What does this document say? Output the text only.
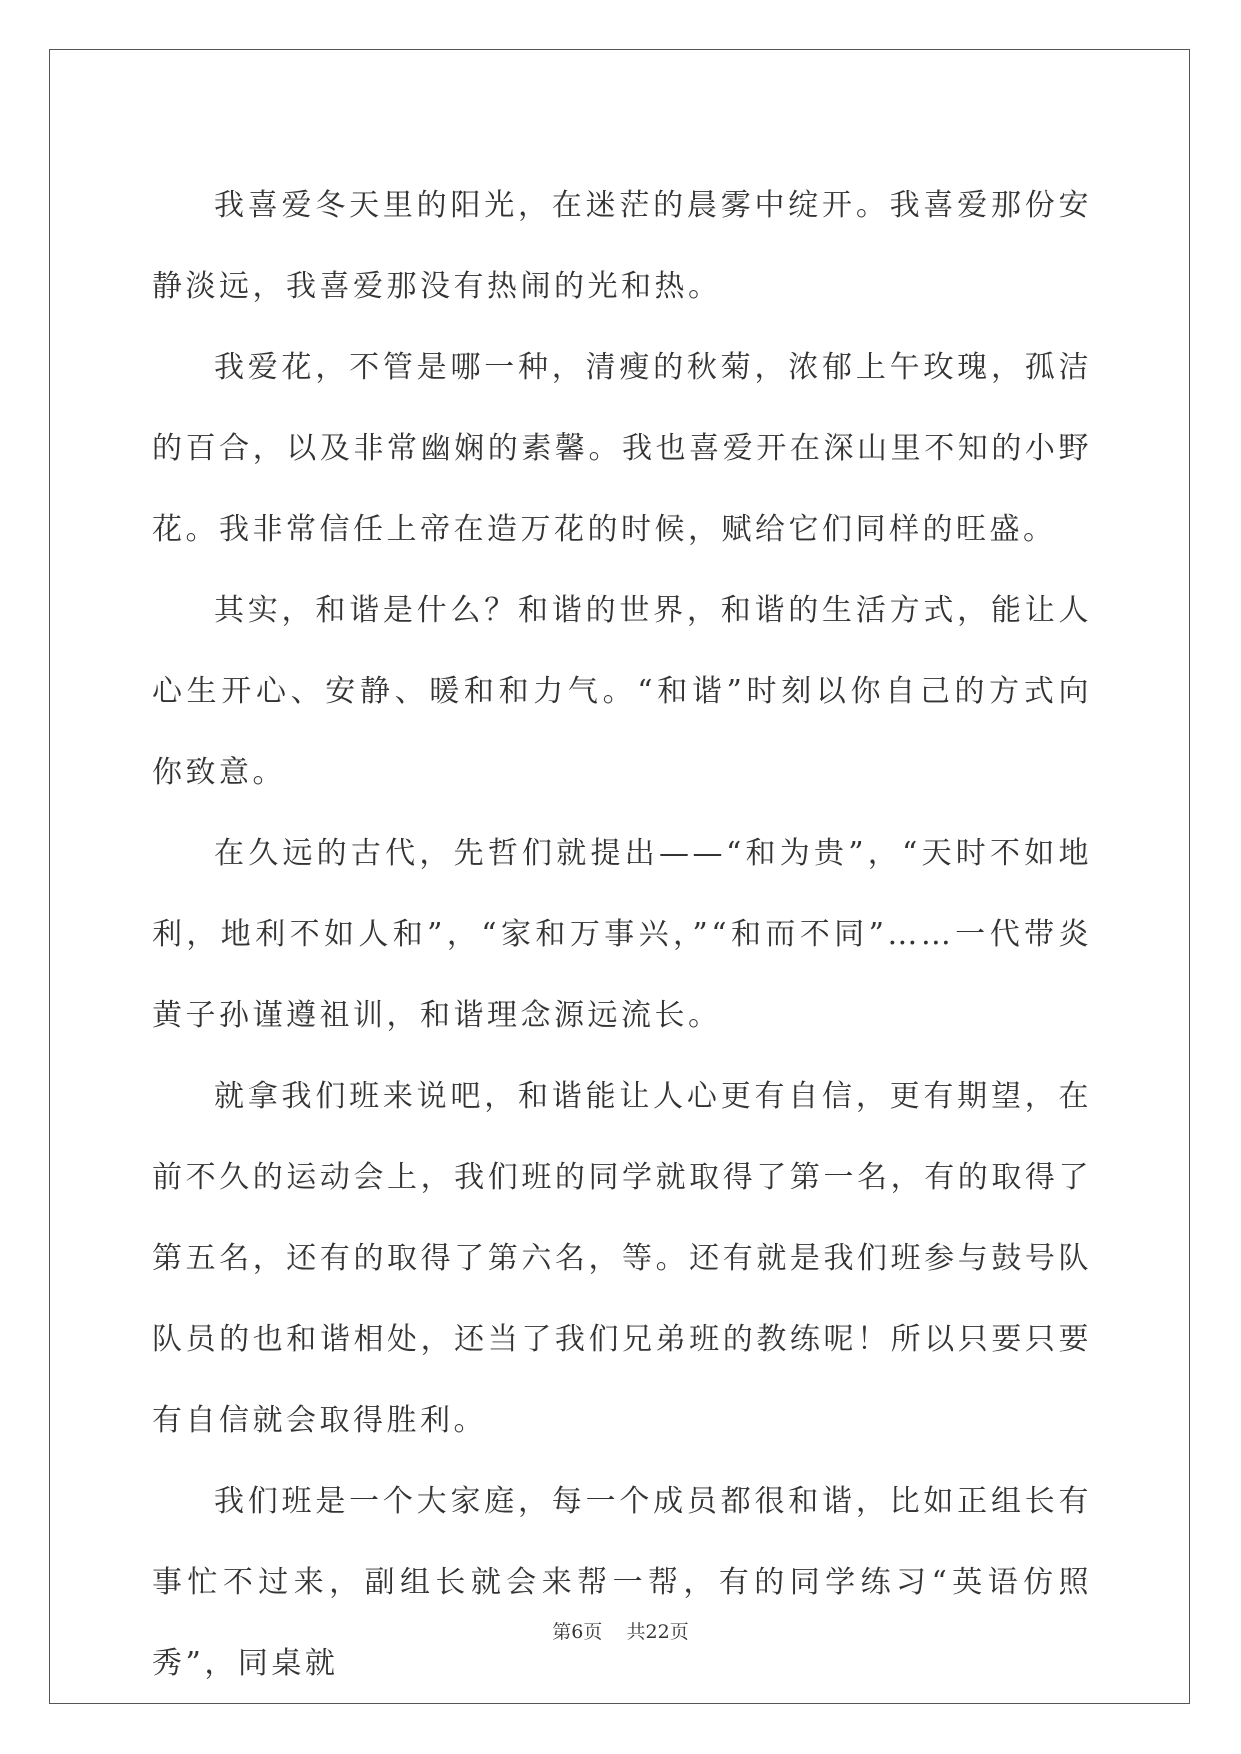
我喜爱冬天里的阳光，在迷茫的晨雾中绽开。我喜爱那份安静淡远，我喜爱那没有热闹的光和热。

我爱花，不管是哪一种，清瘦的秋菊，浓郁上午玫瑰，孤洁的百合，以及非常幽娴的素馨。我也喜爱开在深山里不知的小野花。我非常信任上帝在造万花的时候，赋给它们同样的旺盛。

其实，和谐是什么？和谐的世界，和谐的生活方式，能让人心生开心、安静、暖和和力气。“和谐”时刻以你自己的方式向你致意。

在久远的古代，先哲们就提出——“和为贵”，“天时不如地利，地利不如人和”，“家和万事兴，”“和而不同”……一代带炎黄子孙谨遵祖训，和谐理念源远流长。

就拿我们班来说吧，和谐能让人心更有自信，更有期望，在前不久的运动会上，我们班的同学就取得了第一名，有的取得了第五名，还有的取得了第六名，等。还有就是我们班参与鼓号队队员的也和谐相处，还当了我们兄弟班的教练呢！所以只要只要有自信就会取得胜利。

我们班是一个大家庭，每一个成员都很和谐，比如正组长有事忙不过来，副组长就会来帮一帮，有的同学练习“英语仿照秀”，同桌就

第6页 共22页
